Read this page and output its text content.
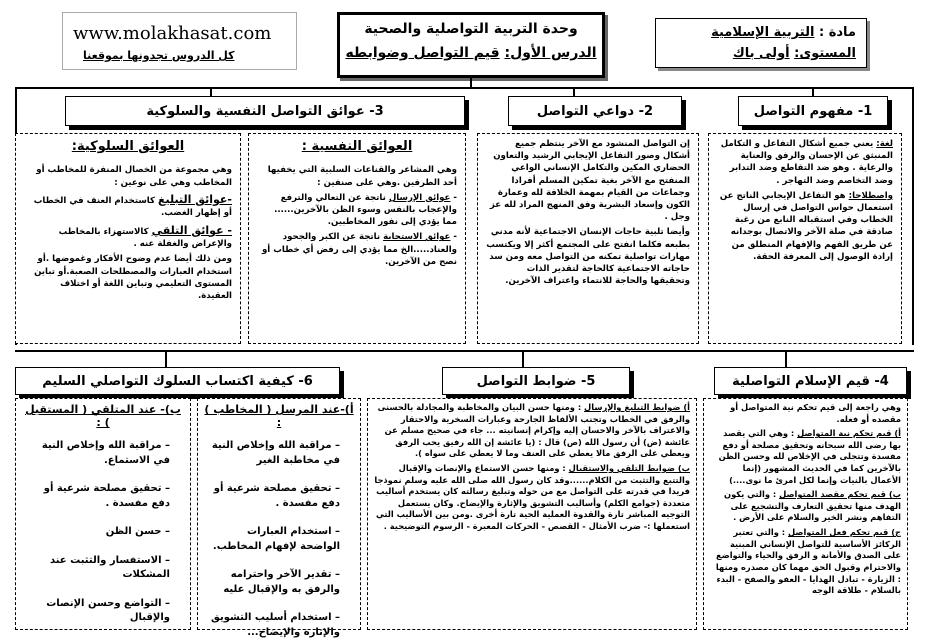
www.molakhasat.com
كل الدروس تجدونها بموقعنا
وحدة التربية التواصلية والصحية
الدرس الأول: قيم التواصل وضوابطه
مادة : التربية الإسلامية
المستوى: أولى باك
1- مفهوم التواصل
2- دواعي التواصل
3- عوائق التواصل النفسية والسلوكية

لغة: يعني جميع أشكال التفاعل و التكامل المنبثق عن الإحسان والرفق والعناية والرعاية . وهو ضد التقاطع وضد التدابر وضد التخاصم وضد التهاجر .

واصطلاحا: هو التفاعل الإيجابي الناتج عن استعمال حواس التواصل في إرسال الخطاب وفي استقباله النابع من رغبة صادقة في صلة الآخر والاتصال بوجدانه عن طريق الفهم والإفهام المنطلق من إرادة الوصول إلى المعرفة الحقة.

إن التواصل المنشود مع الآخر ينتظم جميع أشكال وصور التفاعل الإيجابي الرشيد والتعاون الحضاري المكين والتكامل الإنساني الواعي المنفتح مع الآخر بغية تمكين المسلم أفرادا وجماعات من القيام بمهمة الخلافة لله وعمارة الكون وإسعاد البشرية وفق المنهج المراد لله عز وجل .

وأيضا تلبية حاجات الإنسان الاجتماعية لأنه مدني بطبعه فكلما انفتح على المجتمع أكثر إلا ويكتسب مهارات تواصلية تمكنه من التواصل معه ومن سد حاجاته الاجتماعية كالحاجة لتقدير الذات وتحقيقها والحاجة للانتماء واعتراف الآخرين.

العوائق النفسية :

وهي المشاعر والقناعات السلبية التي يخفيها أحد الطرفين .وهي على صنفين :

- عوائق الإرسال ناتجة عن التعالي والترفع والإعجاب بالنفس وسوء الظن بالآخرين...... مما يؤدي إلى نفور المخاطبين.

- عوائق الاستجابة ناتجة عن الكبر والجحود والعناد.....الخ مما يؤدي إلى رفض أي خطاب أو نصح من الآخرين.

العوائق السلوكية:

وهي مجموعة من الخصال المنفرة للمخاطب أو المخاطب وهي على نوعين :

-عوائق التبليغ كاستخدام العنف في الخطاب أو إظهار الغضب.

- عوائق التلقي كالاستهزاء بالمخاطب والإعراض والغفلة عنه .

ومن ذلك أيضا عدم وضوح الأفكار وغموضها .أو استخدام العبارات والمصطلحات الصعبة.أو تباين المستوى التعليمي وتباين اللغة أو اختلاف العقيدة.

4- قيم الإسلام التواصلية
5- ضوابط التواصل
6- كيفية اكتساب السلوك التواصلي السليم

وهي راجعة إلى قيم تحكم نية المتواصل أو مقصده أو فعله.

أ) قيم تحكم نية المتواصل : وهي التي يقصد بها رضى الله سبحانه وتحقيق مصلحة أو دفع مفسدة وتتجلى في الإخلاص لله وحسن الظن بالآخرين كما في الحديث المشهور (إنما الأعمال بالنيات وإنما لكل امرئ ما نوى....)

ب) قيم تحكم مقصد المتواصل : والتي يكون الهدف منها تحقيق التعارف والتشجيع على التفاهم ونشر الخير والسلام على الأرض .

ج) قيم تحكم فعل المتواصل : والتي تعتبر الركائز الأساسية للتواصل الإنساني المبنية على الصدق والأمانة و الرفق والحياء والتواضع والاحترام وقبول الحق مهما كان مصدره ومنها : الزيارة - تبادل الهدايا - العفو والصفح - البدء بالسلام - طلاقة الوجه

أ) ضوابط التبليغ والإرسال : ومنها حسن البيان والمخاطبة والمجادلة بالحسنى والرفق في الخطاب وتجنب الألفاظ الجارحة وعبارات السخرية والاحتقار والاعتراف بالآخر والاحسان إليه وإكرام إنسانيته ... جاء في صحيح مسلم عن عائشة (ض) أن رسول الله (ص) قال : (يا عائشة إن الله رفيق يحب الرفق ويعطي على الرفق مالا يعطي على العنف وما لا يعطي على سواه ).

ب) ضوابط التلقي والاستقبال : ومنها حسن الاستماع والإنصات والإقبال والتتبع والتثبت من الكلام......وقد كان رسول الله صلى الله عليه وسلم نموذجا فريدا في قدرته على التواصل مع من حوله وتبليغ رسالته كان يستخدم أساليب متعددة (جوامع الكلم) وأساليب التشويق والإثارة والإيضاح. وكان يستعمل التوجيه المباشر تارة والقدوة العملية الحية تارة أخرى .ومن بين الأساليب التي استعملها :- ضرب الأمثال - القصص - الحركات المعبرة - الرسوم التوضيحية .

أ)-عند المرسل ( المخاطب ) :
– مراقبة الله وإخلاص النية في مخاطبة الغير
– تحقيق مصلحة شرعية أو دفع مفسدة .
– استخدام العبارات الواضحة لإفهام المخاطب.
– تقدير الآخر واحترامه والرفق به والإقبال عليه
– استخدام أسليب التشويق والإثارة والإيضاح...
ب)- عند المتلقي ( المستقبل ) :
– مراقبة الله وإخلاص النية في الاستماع.
– تحقيق مصلحة شرعية أو دفع مفسدة .
– حسن الظن
– الاستفسار والتثبت عند المشكلات
– التواضع وحسن الإنصات والإقبال
